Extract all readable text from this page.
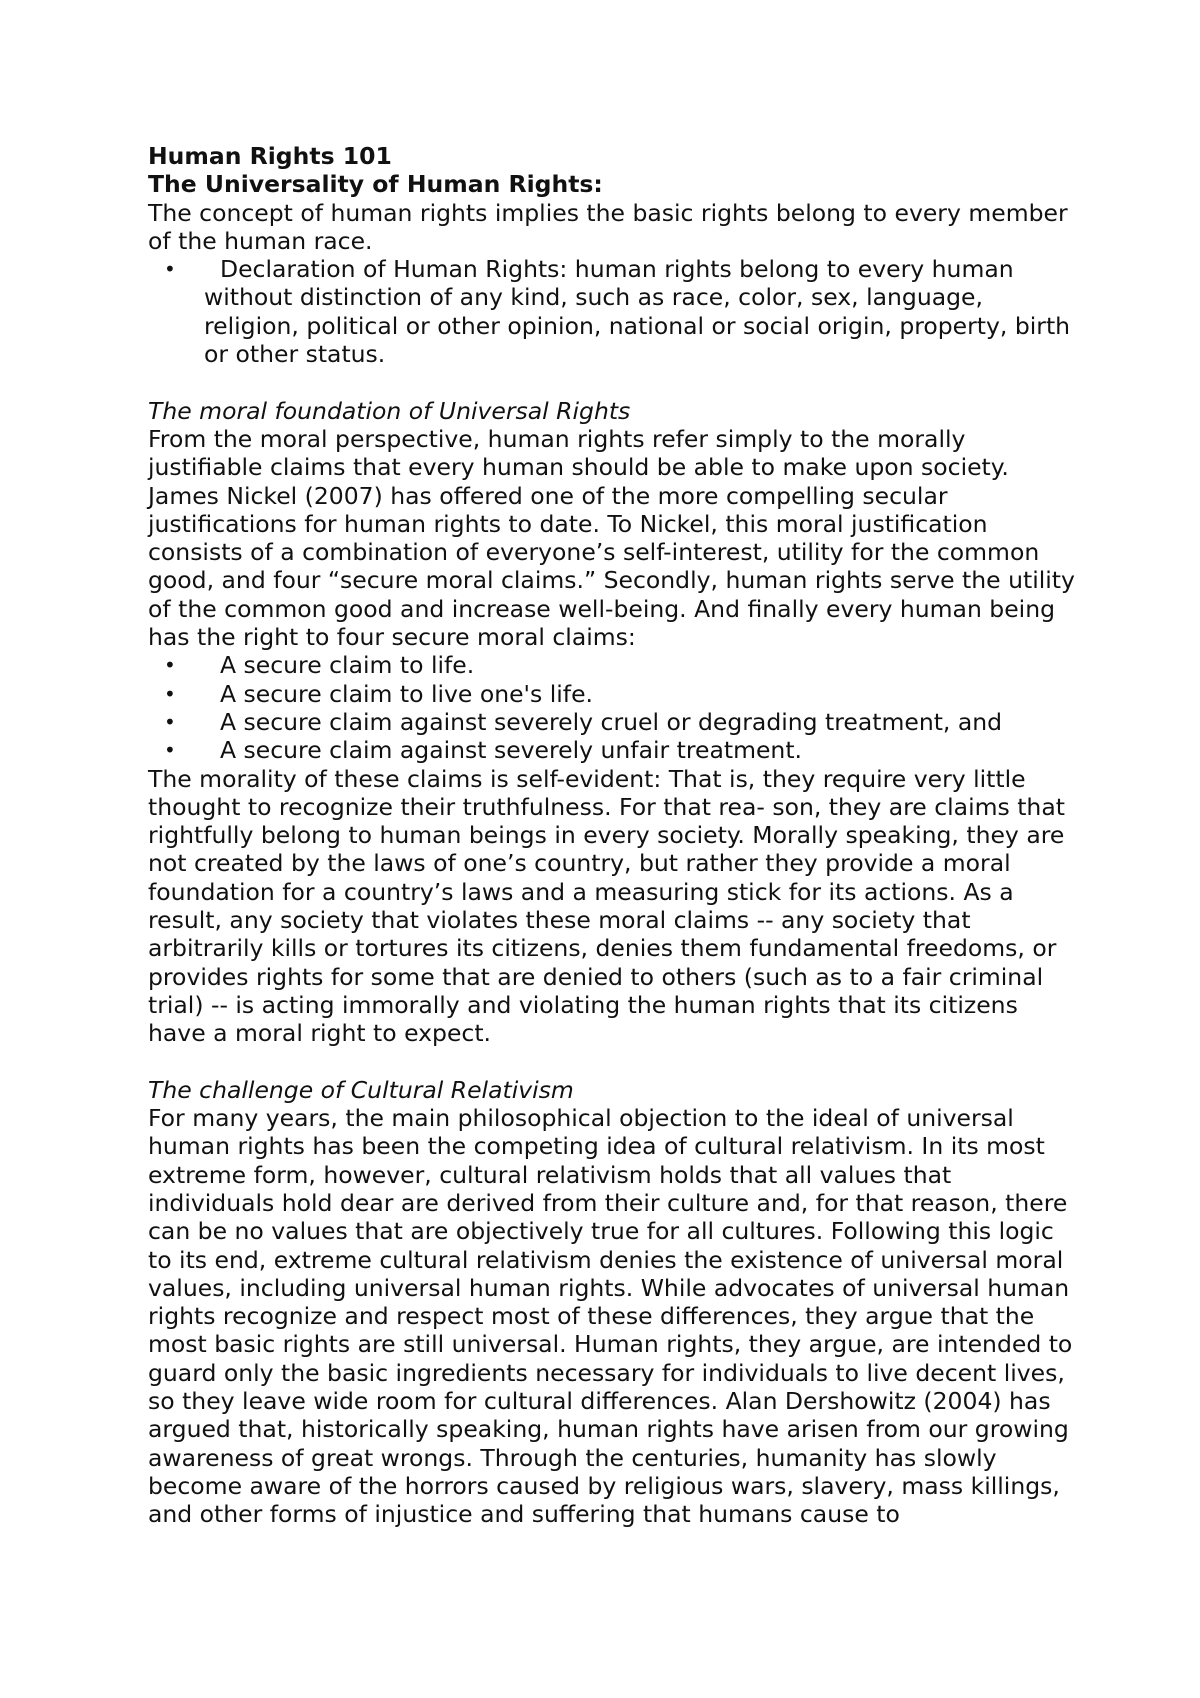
Human Rights 101
The Universality of Human Rights:

The concept of human rights implies the basic rights belong to every member of the human race.

•	Declaration of Human Rights: human rights belong to every human without distinction of any kind, such as race, color, sex, language, religion, political or other opinion, national or social origin, property, birth or other status.
The moral foundation of Universal Rights

From the moral perspective, human rights refer simply to the morally justifiable claims that every human should be able to make upon society. James Nickel (2007) has offered one of the more compelling secular justifications for human rights to date. To Nickel, this moral justification consists of a combination of everyone’s self-interest, utility for the common good, and four “secure moral claims.” Secondly, human rights serve the utility of the common good and increase well-being. And finally every human being has the right to four secure moral claims:

• A secure claim to life.
• A secure claim to live one's life.
• A secure claim against severely cruel or degrading treatment, and
• A secure claim against severely unfair treatment.

The morality of these claims is self-evident: That is, they require very little thought to recognize their truthfulness. For that rea- son, they are claims that rightfully belong to human beings in every society. Morally speaking, they are not created by the laws of one’s country, but rather they provide a moral foundation for a country’s laws and a measuring stick for its actions. As a result, any society that violates these moral claims -- any society that arbitrarily kills or tortures its citizens, denies them fundamental freedoms, or provides rights for some that are denied to others (such as to a fair criminal trial) -- is acting immorally and violating the human rights that its citizens have a moral right to expect.

The challenge of Cultural Relativism

For many years, the main philosophical objection to the ideal of universal human rights has been the competing idea of cultural relativism. In its most extreme form, however, cultural relativism holds that all values that individuals hold dear are derived from their culture and, for that reason, there can be no values that are objectively true for all cultures. Following this logic to its end, extreme cultural relativism denies the existence of universal moral values, including universal human rights. While advocates of universal human rights recognize and respect most of these differences, they argue that the most basic rights are still universal. Human rights, they argue, are intended to guard only the basic ingredients necessary for individuals to live decent lives, so they leave wide room for cultural differences. Alan Dershowitz (2004) has argued that, historically speaking, human rights have arisen from our growing awareness of great wrongs. Through the centuries, humanity has slowly become aware of the horrors caused by religious wars, slavery, mass killings, and other forms of injustice and suffering that humans cause to
